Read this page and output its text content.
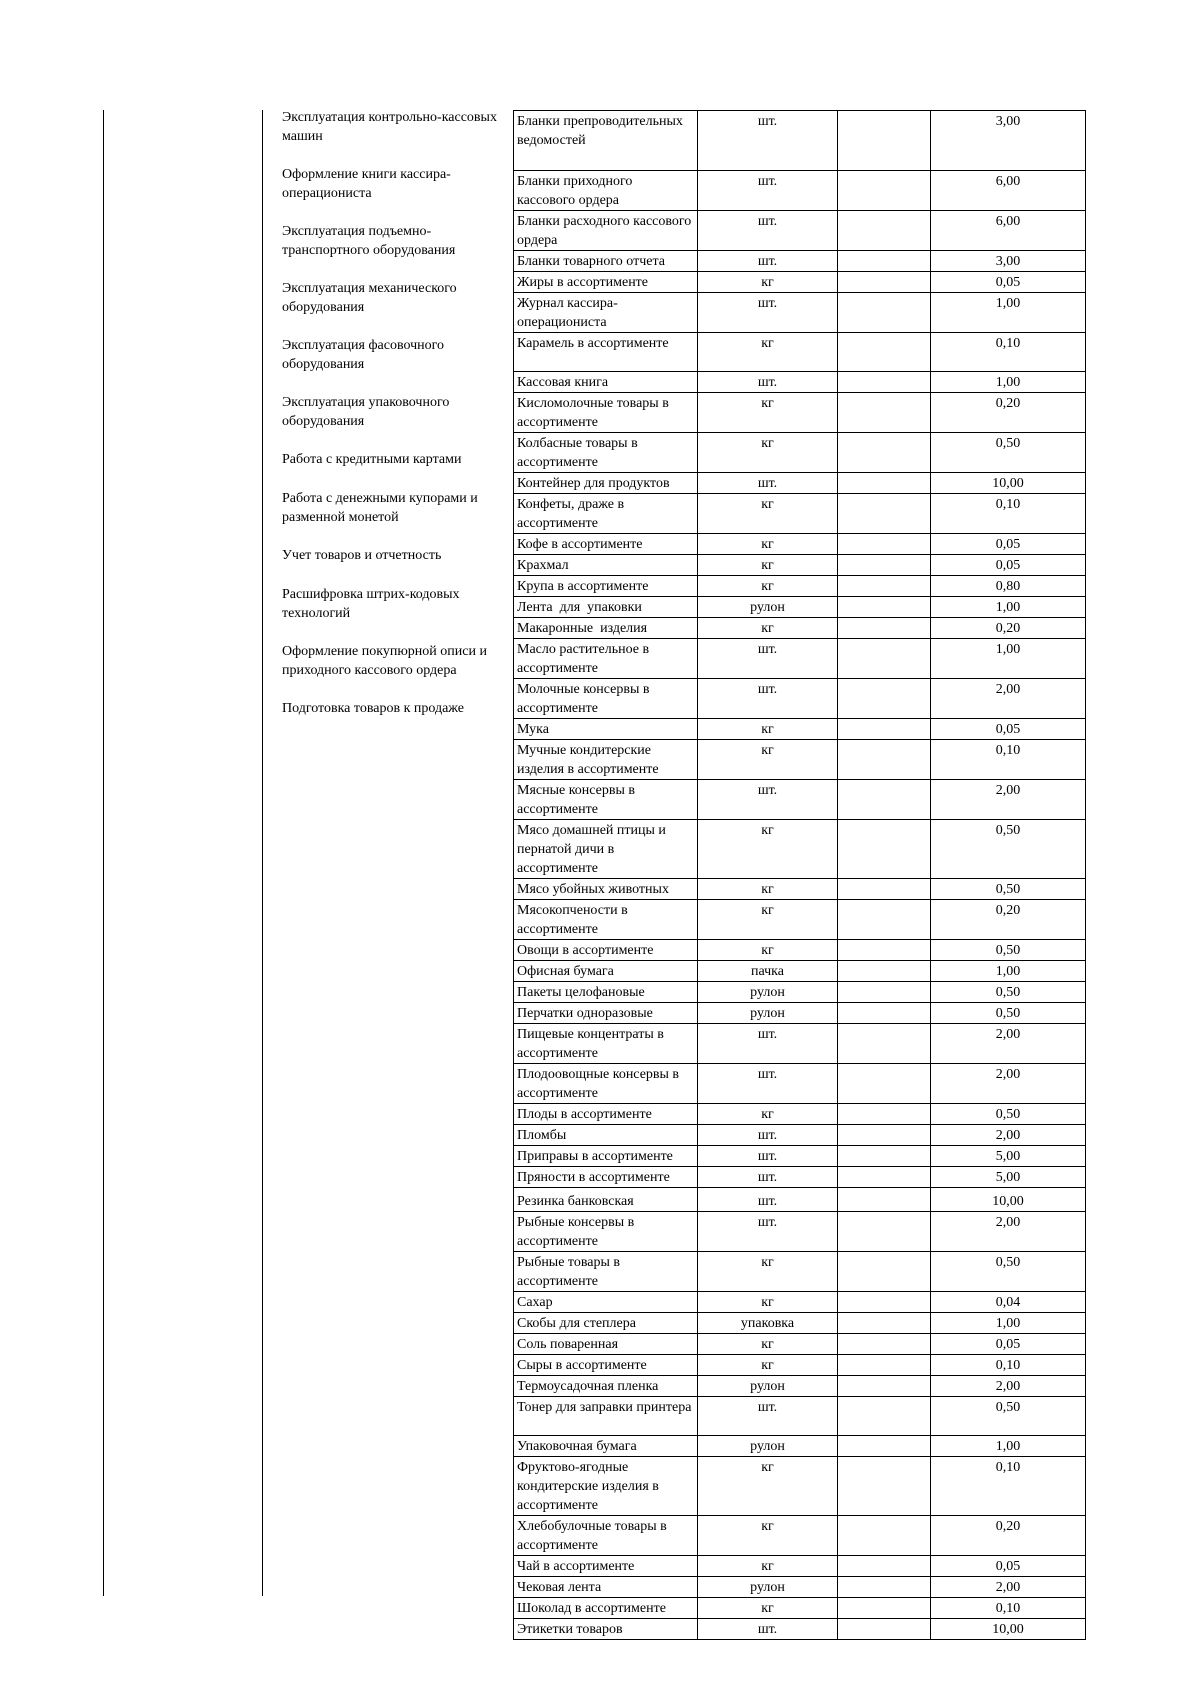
Эксплуатация контрольно-кассовых машин
Оформление книги кассира-операциониста
Эксплуатация подъемно-транспортного оборудования
Эксплуатация механического оборудования
Эксплуатация фасовочного оборудования
Эксплуатация упаковочного оборудования
Работа с кредитными картами
Работа с денежными купорами и разменной монетой
Учет товаров и отчетность
Расшифровка штрих-кодовых технологий
Оформление покупюрной описи и приходного кассового ордера
Подготовка товаров к продаже
Бланки препроводительных ведомостей	шт.		3,00
Бланки приходного кассового ордера	шт.		6,00
Бланки расходного кассового ордера	шт.		6,00
Бланки товарного отчета	шт.		3,00
Жиры в ассортименте	кг		0,05
Журнал кассира-операциониста	шт.		1,00
Карамель в ассортименте	кг		0,10
Кассовая книга	шт.		1,00
Кисломолочные товары в ассортименте	кг		0,20
Колбасные товары в ассортименте	кг		0,50
Контейнер для продуктов	шт.		10,00
Конфеты, драже в ассортименте	кг		0,10
Кофе в ассортименте	кг		0,05
Крахмал	кг		0,05
Крупа в ассортименте	кг		0,80
Лента  для  упаковки	рулон		1,00
Макаронные  изделия	кг		0,20
Масло растительное в ассортименте	шт.		1,00
Молочные консервы в ассортименте	шт.		2,00
Мука	кг		0,05
Мучные кондитерские изделия в ассортименте	кг		0,10
Мясные консервы в ассортименте	шт.		2,00
Мясо домашней птицы и пернатой дичи в ассортименте	кг		0,50
Мясо убойных животных	кг		0,50
Мясокопчености в ассортименте	кг		0,20
Овощи в ассортименте	кг		0,50
Офисная бумага	пачка		1,00
Пакеты целофановые	рулон		0,50
Перчатки одноразовые	рулон		0,50
Пищевые концентраты в ассортименте	шт.		2,00
Плодоовощные консервы в ассортименте	шт.		2,00
Плоды в ассортименте	кг		0,50
Пломбы	шт.		2,00
Приправы в ассортименте	шт.		5,00
Пряности в ассортименте	шт.		5,00
Резинка банковская	шт.		10,00
Рыбные консервы в ассортименте	шт.		2,00
Рыбные товары в ассортименте	кг		0,50
Сахар	кг		0,04
Скобы для степлера	упаковка		1,00
Соль поваренная	кг		0,05
Сыры в ассортименте	кг		0,10
Термоусадочная пленка	рулон		2,00
Тонер для заправки принтера	шт.		0,50
Упаковочная бумага	рулон		1,00
Фруктово-ягодные кондитерские изделия в ассортименте	кг		0,10
Хлебобулочные товары в ассортименте	кг		0,20
Чай в ассортименте	кг		0,05
Чековая лента	рулон		2,00
Шоколад в ассортименте	кг		0,10
Этикетки товаров	шт.		10,00
